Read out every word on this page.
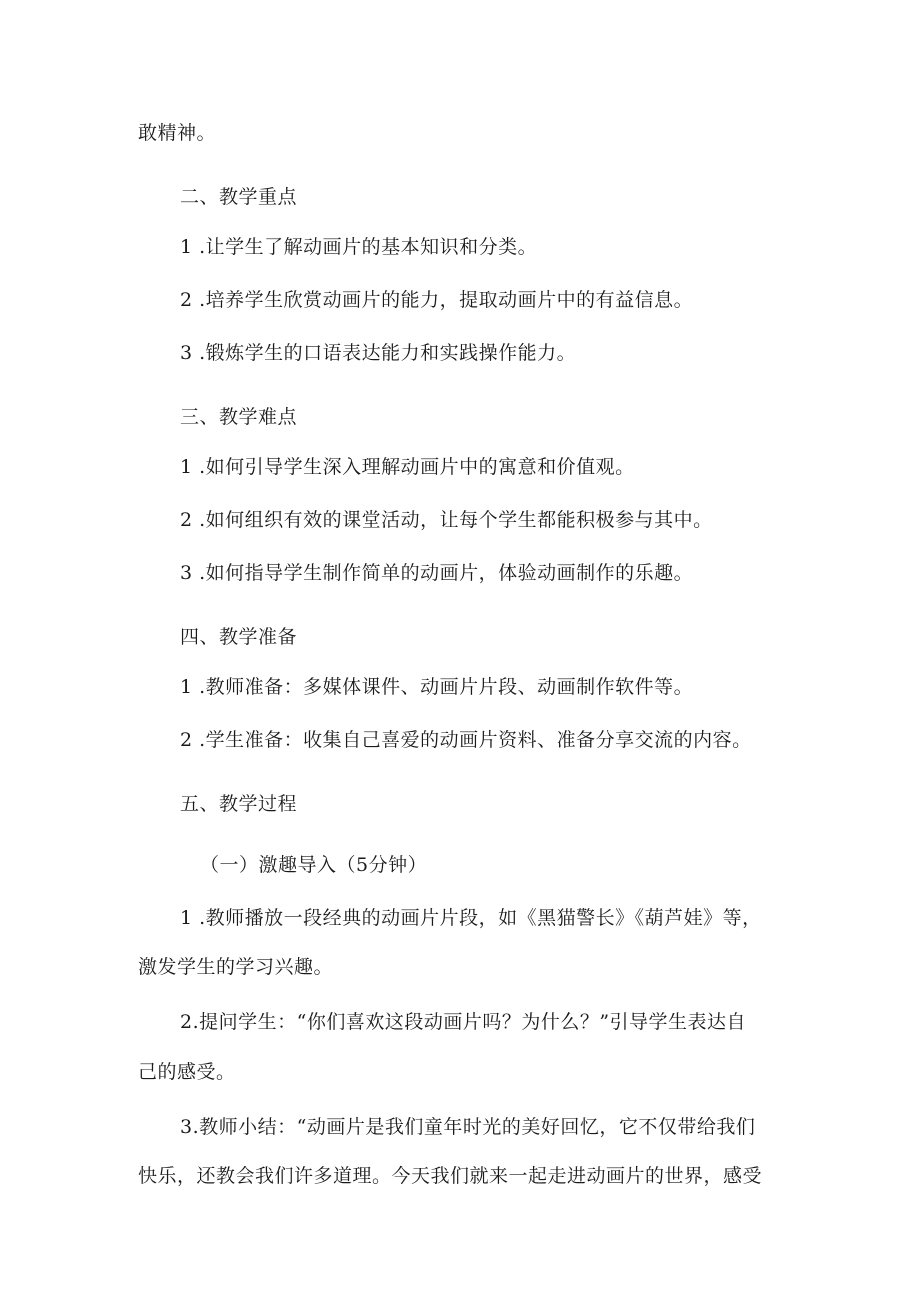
敢精神。
二、教学重点
1 .让学生了解动画片的基本知识和分类。
2 .培养学生欣赏动画片的能力，提取动画片中的有益信息。
3 .锻炼学生的口语表达能力和实践操作能力。
三、教学难点
1 .如何引导学生深入理解动画片中的寓意和价值观。
2 .如何组织有效的课堂活动，让每个学生都能积极参与其中。
3 .如何指导学生制作简单的动画片，体验动画制作的乐趣。
四、教学准备
1 .教师准备：多媒体课件、动画片片段、动画制作软件等。
2 .学生准备：收集自己喜爱的动画片资料、准备分享交流的内容。
五、教学过程
（一）激趣导入（5分钟）
1 .教师播放一段经典的动画片片段，如《黑猫警长》《葫芦娃》等，
激发学生的学习兴趣。
2.提问学生：“你们喜欢这段动画片吗？为什么？”引导学生表达自
己的感受。
3.教师小结：“动画片是我们童年时光的美好回忆，它不仅带给我们
快乐，还教会我们许多道理。今天我们就来一起走进动画片的世界，感受
